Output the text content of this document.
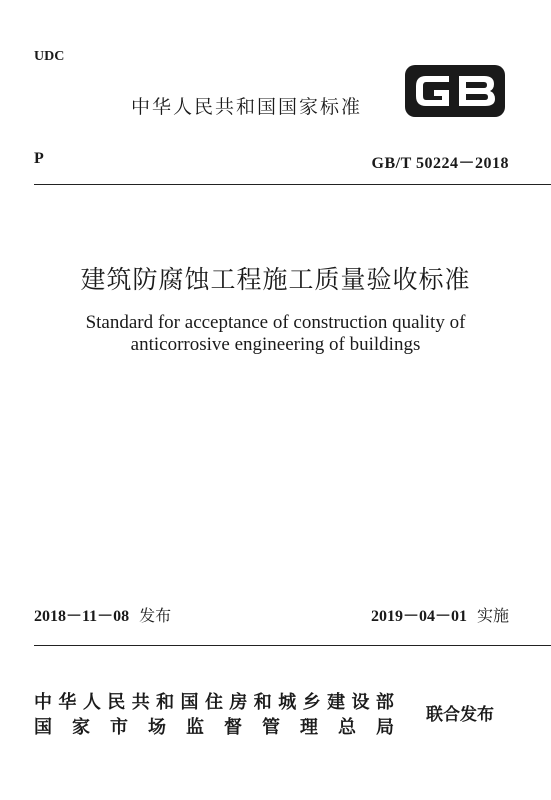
UDC
中华人民共和国国家标准
P	GB/T 50224－2018
建筑防腐蚀工程施工质量验收标准
Standard for acceptance of construction quality of
anticorrosive engineering of buildings
2018－11－08 发布	2019－04－01 实施
中 华 人 民 共 和 国 住 房 和 城 乡 建 设 部
国 家 市 场 监 督 管 理 总 局
联合发布
